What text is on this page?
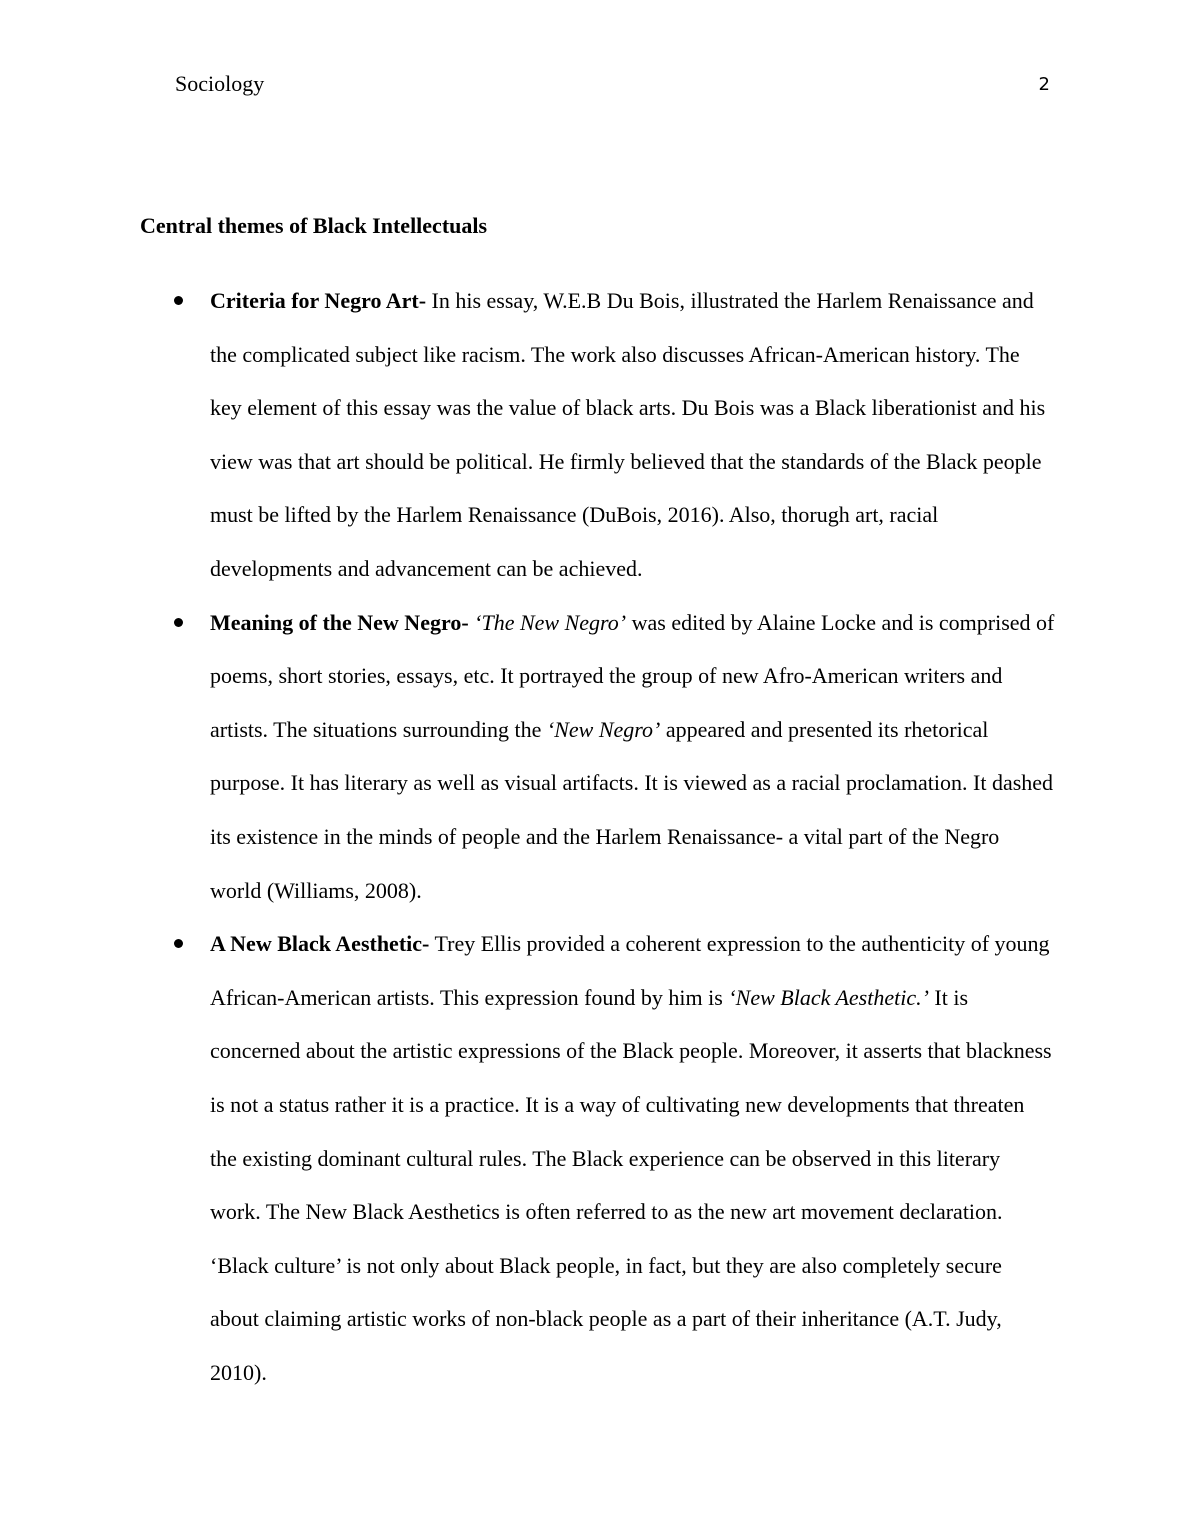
Sociology	2
Central themes of Black Intellectuals
Criteria for Negro Art- In his essay, W.E.B Du Bois, illustrated the Harlem Renaissance and the complicated subject like racism. The work also discusses African-American history. The key element of this essay was the value of black arts. Du Bois was a Black liberationist and his view was that art should be political. He firmly believed that the standards of the Black people must be lifted by the Harlem Renaissance (DuBois, 2016). Also, thorugh art, racial developments and advancement can be achieved.
Meaning of the New Negro- ‘The New Negro’ was edited by Alaine Locke and is comprised of poems, short stories, essays, etc. It portrayed the group of new Afro-American writers and artists. The situations surrounding the ‘New Negro’ appeared and presented its rhetorical purpose. It has literary as well as visual artifacts. It is viewed as a racial proclamation. It dashed its existence in the minds of people and the Harlem Renaissance- a vital part of the Negro world (Williams, 2008).
A New Black Aesthetic- Trey Ellis provided a coherent expression to the authenticity of young African-American artists. This expression found by him is ‘New Black Aesthetic.’ It is concerned about the artistic expressions of the Black people. Moreover, it asserts that blackness is not a status rather it is a practice. It is a way of cultivating new developments that threaten the existing dominant cultural rules. The Black experience can be observed in this literary work. The New Black Aesthetics is often referred to as the new art movement declaration. ‘Black culture’ is not only about Black people, in fact, but they are also completely secure about claiming artistic works of non-black people as a part of their inheritance (A.T. Judy, 2010).
